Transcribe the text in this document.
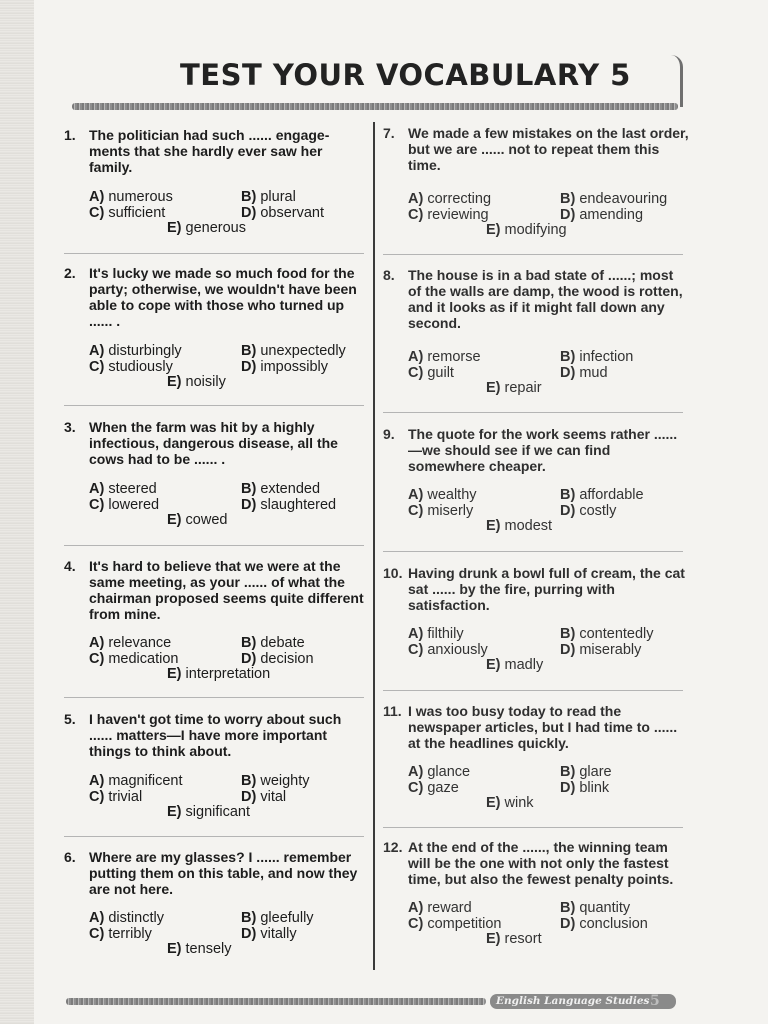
TEST YOUR VOCABULARY 5
1. The politician had such ...... engage-ments that she hardly ever saw her family.

A) numerous	B) plural
C) sufficient	D) observant
E) generous
2. It's lucky we made so much food for the party; otherwise, we wouldn't have been able to cope with those who turned up ...... .

A) disturbingly	B) unexpectedly
C) studiously	D) impossibly
E) noisily
3. When the farm was hit by a highly infectious, dangerous disease, all the cows had to be ...... .

A) steered	B) extended
C) lowered	D) slaughtered
E) cowed
4. It's hard to believe that we were at the same meeting, as your ...... of what the chairman proposed seems quite different from mine.

A) relevance	B) debate
C) medication	D) decision
E) interpretation
5. I haven't got time to worry about such ...... matters—I have more important things to think about.

A) magnificent	B) weighty
C) trivial	D) vital
E) significant
6. Where are my glasses? I ...... remember putting them on this table, and now they are not here.

A) distinctly	B) gleefully
C) terribly	D) vitally
E) tensely
7. We made a few mistakes on the last order, but we are ...... not to repeat them this time.

A) correcting	B) endeavouring
C) reviewing	D) amending
E) modifying
8. The house is in a bad state of ......; most of the walls are damp, the wood is rotten, and it looks as if it might fall down any second.

A) remorse	B) infection
C) guilt	D) mud
E) repair
9. The quote for the work seems rather ......—we should see if we can find somewhere cheaper.

A) wealthy	B) affordable
C) miserly	D) costly
E) modest
10. Having drunk a bowl full of cream, the cat sat ...... by the fire, purring with satisfaction.

A) filthily	B) contentedly
C) anxiously	D) miserably
E) madly
11. I was too busy today to read the newspaper articles, but I had time to ...... at the headlines quickly.

A) glance	B) glare
C) gaze	D) blink
E) wink
12. At the end of the ......, the winning team will be the one with not only the fastest time, but also the fewest penalty points.

A) reward	B) quantity
C) competition	D) conclusion
E) resort
English Language Studies 5
